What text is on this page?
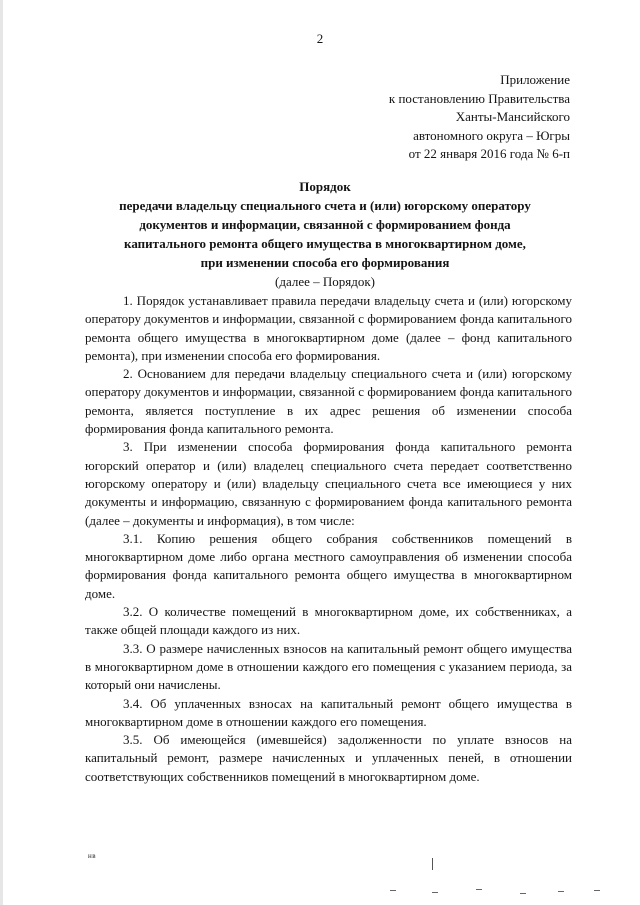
2
Приложение
к постановлению Правительства
Ханты-Мансийского
автономного округа – Югры
от 22 января 2016 года № 6-п
Порядок
передачи владельцу специального счета и (или) югорскому оператору
документов и информации, связанной с формированием фонда
капитального ремонта общего имущества в многоквартирном доме,
при изменении способа его формирования
(далее – Порядок)

1. Порядок устанавливает правила передачи владельцу счета и (или) югорскому оператору документов и информации, связанной с формированием фонда капитального ремонта общего имущества в многоквартирном доме (далее – фонд капитального ремонта), при изменении способа его формирования.

2. Основанием для передачи владельцу специального счета и (или) югорскому оператору документов и информации, связанной с формированием фонда капитального ремонта, является поступление в их адрес решения об изменении способа формирования фонда капитального ремонта.

3. При изменении способа формирования фонда капитального ремонта югорский оператор и (или) владелец специального счета передает соответственно югорскому оператору и (или) владельцу специального счета все имеющиеся у них документы и информацию, связанную с формированием фонда капитального ремонта (далее – документы и информация), в том числе:

3.1. Копию решения общего собрания собственников помещений в многоквартирном доме либо органа местного самоуправления об изменении способа формирования фонда капитального ремонта общего имущества в многоквартирном доме.

3.2. О количестве помещений в многоквартирном доме, их собственниках, а также общей площади каждого из них.

3.3. О размере начисленных взносов на капитальный ремонт общего имущества в многоквартирном доме в отношении каждого его помещения с указанием периода, за который они начислены.

3.4. Об уплаченных взносах на капитальный ремонт общего имущества в многоквартирном доме в отношении каждого его помещения.

3.5. Об имеющейся (имевшейся) задолженности по уплате взносов на капитальный ремонт, размере начисленных и уплаченных пеней, в отношении соответствующих собственников помещений в многоквартирном доме.

нв
